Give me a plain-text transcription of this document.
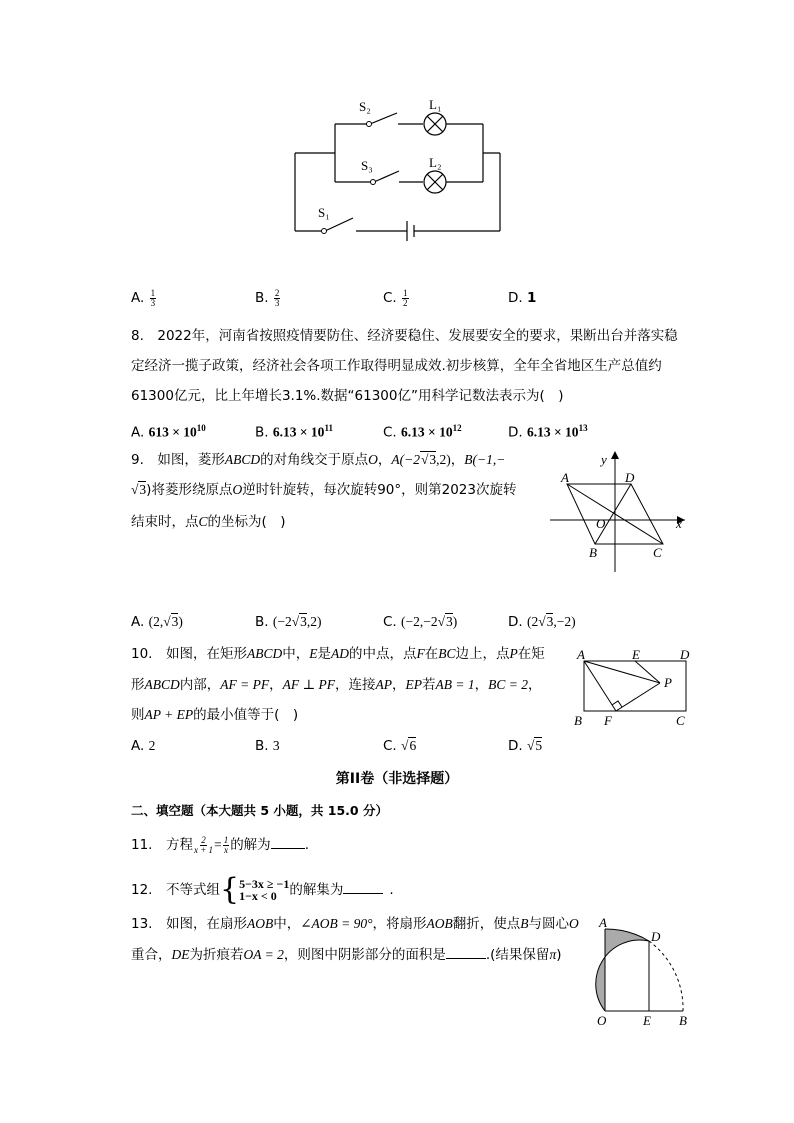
S₂	L₁
S₃	L₂
S₁
A. $\frac{1}{3}$	B. $\frac{2}{3}$	C. $\frac{1}{2}$	D. 1
8.　2022年，河南省按照疫情要防住、经济要稳住、发展要安全的要求，果断出台并落实稳
定经济一揽子政策，经济社会各项工作取得明显成效.初步核算，全年全省地区生产总值约
61300亿元，比上年增长3.1%.数据“61300亿”用科学记数法表示为(　)
A. $613 \times 10^{10}$	B. $6.13 \times 10^{11}$	C. $6.13 \times 10^{12}$	D. $6.13 \times 10^{13}$
9.　如图，菱形ABCD的对角线交于原点O，A(−2√3,2)，B(−1,−
√3)将菱形绕原点O逆时针旋转，每次旋转90°，则第2023次旋转
结束时，点C的坐标为(　)
y
A	D
O	x
B	C
A. (2,√3)	B. (−2√3,2)	C. (−2,−2√3)	D. (2√3,−2)
10.　如图，在矩形ABCD中，E是AD的中点，点F在BC边上，点P在矩
形ABCD内部，AF = PF，AF ⊥ PF，连接AP，EP若AB = 1，BC = 2，
则AP + EP的最小值等于(　)
A	E	D
P
B F	C
A. 2	B. 3	C. √6	D. √5
第II卷（非选择题）
二、填空题（本大题共 5 小题，共 15.0 分）
11.　方程 $\frac{2}{x + 1} = \frac{1}{x}$ 的解为	.
12.　不等式组 { 5−3x ≥ −1
1−x < 0 的解集为	.
13.　如图，在扇形AOB中，∠AOB = 90°，将扇形AOB翻折，使点B与圆心O
重合，DE为折痕若OA = 2，则图中阴影部分的面积是	.(结果保留π)
A
D
O	E B
